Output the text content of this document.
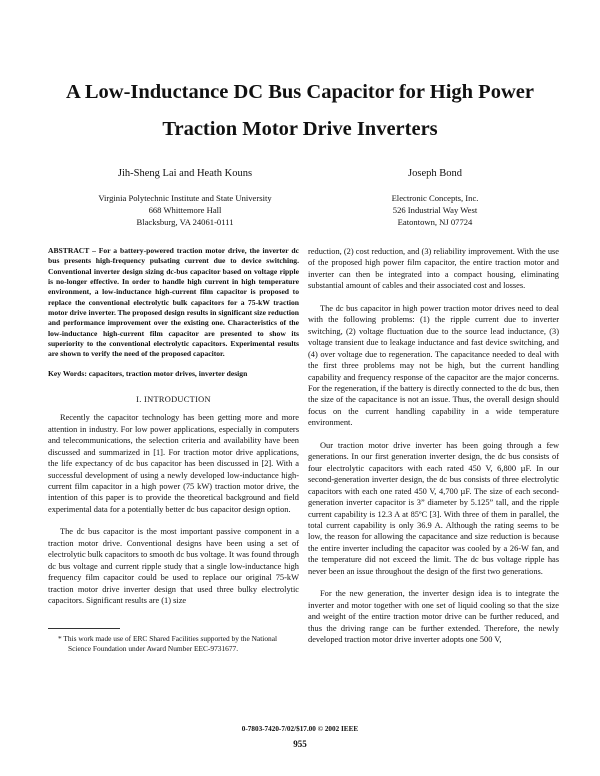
A Low-Inductance DC Bus Capacitor for High Power Traction Motor Drive Inverters
Jih-Sheng Lai and Heath Kouns
Virginia Polytechnic Institute and State University
668 Whittemore Hall
Blacksburg, VA 24061-0111
Joseph Bond
Electronic Concepts, Inc.
526 Industrial Way West
Eatontown, NJ 07724

ABSTRACT – For a battery-powered traction motor drive, the inverter dc bus presents high-frequency pulsating current due to device switching. Conventional inverter design sizing dc-bus capacitor based on voltage ripple is no-longer effective. In order to handle high current in high temperature environment, a low-inductance high-current film capacitor is proposed to replace the conventional electrolytic bulk capacitors for a 75-kW traction motor drive inverter. The proposed design results in significant size reduction and performance improvement over the existing one. Characteristics of the low-inductance high-current film capacitor are presented to show its superiority to the conventional electrolytic capacitors. Experimental results are shown to verify the need of the proposed capacitor.

Key Words: capacitors, traction motor drives, inverter design

I. INTRODUCTION

Recently the capacitor technology has been getting more and more attention in industry. For low power applications, especially in computers and telecommunications, the selection criteria and availability have been discussed and summarized in [1]. For traction motor drive applications, the life expectancy of dc bus capacitor has been discussed in [2]. With a successful development of using a newly developed low-inductance high-current film capacitor in a high power (75 kW) traction motor drive, the intention of this paper is to provide the theoretical background and field experimental data for a potentially better dc bus capacitor design option.

The dc bus capacitor is the most important passive component in a traction motor drive. Conventional designs have been using a set of electrolytic bulk capacitors to smooth dc bus voltage. It was found through dc bus voltage and current ripple study that a single low-inductance high frequency film capacitor could be used to replace our original 75-kW traction motor drive inverter design that used three bulky electrolytic capacitors. Significant results are (1) size

* This work made use of ERC Shared Facilities supported by the National Science Foundation under Award Number EEC-9731677.

reduction, (2) cost reduction, and (3) reliability improvement. With the use of the proposed high power film capacitor, the entire traction motor and inverter can then be integrated into a compact housing, eliminating substantial amount of cables and their associated cost and losses.

The dc bus capacitor in high power traction motor drives need to deal with the following problems: (1) the ripple current due to inverter switching, (2) voltage fluctuation due to the source lead inductance, (3) voltage transient due to leakage inductance and fast device switching, and (4) over voltage due to regeneration. The capacitance needed to deal with the first three problems may not be high, but the current handling capability and frequency response of the capacitor are the major concerns. For the regeneration, if the battery is directly connected to the dc bus, then the size of the capacitance is not an issue. Thus, the overall design should focus on the current handling capability in a wide temperature environment.

Our traction motor drive inverter has been going through a few generations. In our first generation inverter design, the dc bus consists of four electrolytic capacitors with each rated 450 V, 6,800 µF. In our second-generation inverter design, the dc bus consists of three electrolytic capacitors with each one rated 450 V, 4,700 µF. The size of each second-generation inverter capacitor is 3” diameter by 5.125” tall, and the ripple current capability is 12.3 A at 85ºC [3]. With three of them in parallel, the total current capability is only 36.9 A. Although the rating seems to be low, the reason for allowing the capacitance and size reduction is because the entire inverter including the capacitor was cooled by a 26-W fan, and the temperature did not exceed the limit. The dc bus voltage ripple has never been an issue throughout the design of the first two generations.

For the new generation, the inverter design idea is to integrate the inverter and motor together with one set of liquid cooling so that the size and weight of the entire traction motor drive can be further reduced, and thus the driving range can be further extended. Therefore, the newly developed traction motor drive inverter adopts one 500 V,

0-7803-7420-7/02/$17.00 © 2002 IEEE
955
